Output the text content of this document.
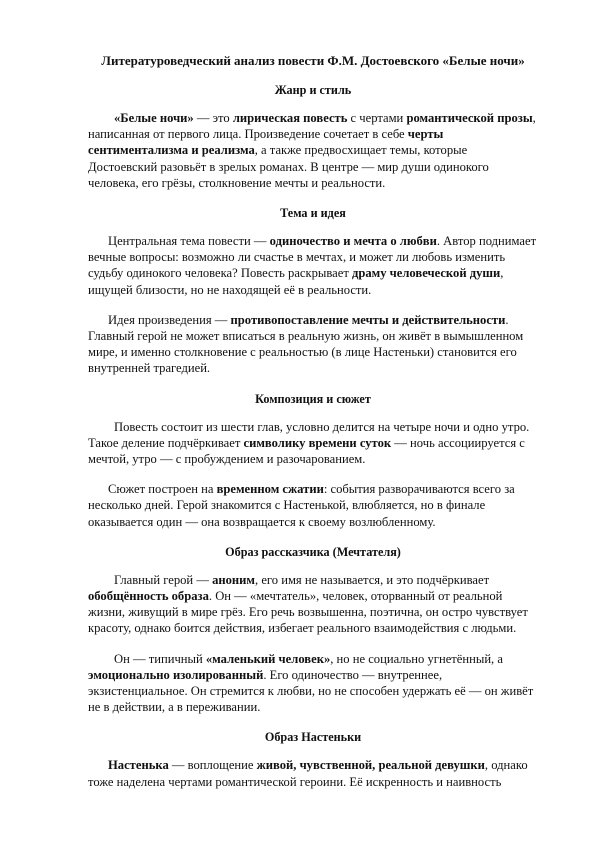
Литературоведческий анализ повести Ф.М. Достоевского «Белые ночи»
Жанр и стиль

«Белые ночи» — это лирическая повесть с чертами романтической прозы, написанная от первого лица. Произведение сочетает в себе черты сентиментализма и реализма, а также предвосхищает темы, которые Достоевский разовьёт в зрелых романах. В центре — мир души одинокого человека, его грёзы, столкновение мечты и реальности.

Тема и идея

Центральная тема повести — одиночество и мечта о любви. Автор поднимает вечные вопросы: возможно ли счастье в мечтах, и может ли любовь изменить судьбу одинокого человека? Повесть раскрывает драму человеческой души, ищущей близости, но не находящей её в реальности.

Идея произведения — противопоставление мечты и действительности. Главный герой не может вписаться в реальную жизнь, он живёт в вымышленном мире, и именно столкновение с реальностью (в лице Настеньки) становится его внутренней трагедией.

Композиция и сюжет

Повесть состоит из шести глав, условно делится на четыре ночи и одно утро. Такое деление подчёркивает символику времени суток — ночь ассоциируется с мечтой, утро — с пробуждением и разочарованием.

Сюжет построен на временном сжатии: события разворачиваются всего за несколько дней. Герой знакомится с Настенькой, влюбляется, но в финале оказывается один — она возвращается к своему возлюбленному.

Образ рассказчика (Мечтателя)

Главный герой — аноним, его имя не называется, и это подчёркивает обобщённость образа. Он — «мечтатель», человек, оторванный от реальной жизни, живущий в мире грёз. Его речь возвышенна, поэтична, он остро чувствует красоту, однако боится действия, избегает реального взаимодействия с людьми.

Он — типичный «маленький человек», но не социально угнетённый, а эмоционально изолированный. Его одиночество — внутреннее, экзистенциальное. Он стремится к любви, но не способен удержать её — он живёт не в действии, а в переживании.

Образ Настеньки

Настенька — воплощение живой, чувственной, реальной девушки, однако тоже наделена чертами романтической героини. Её искренность и наивность
